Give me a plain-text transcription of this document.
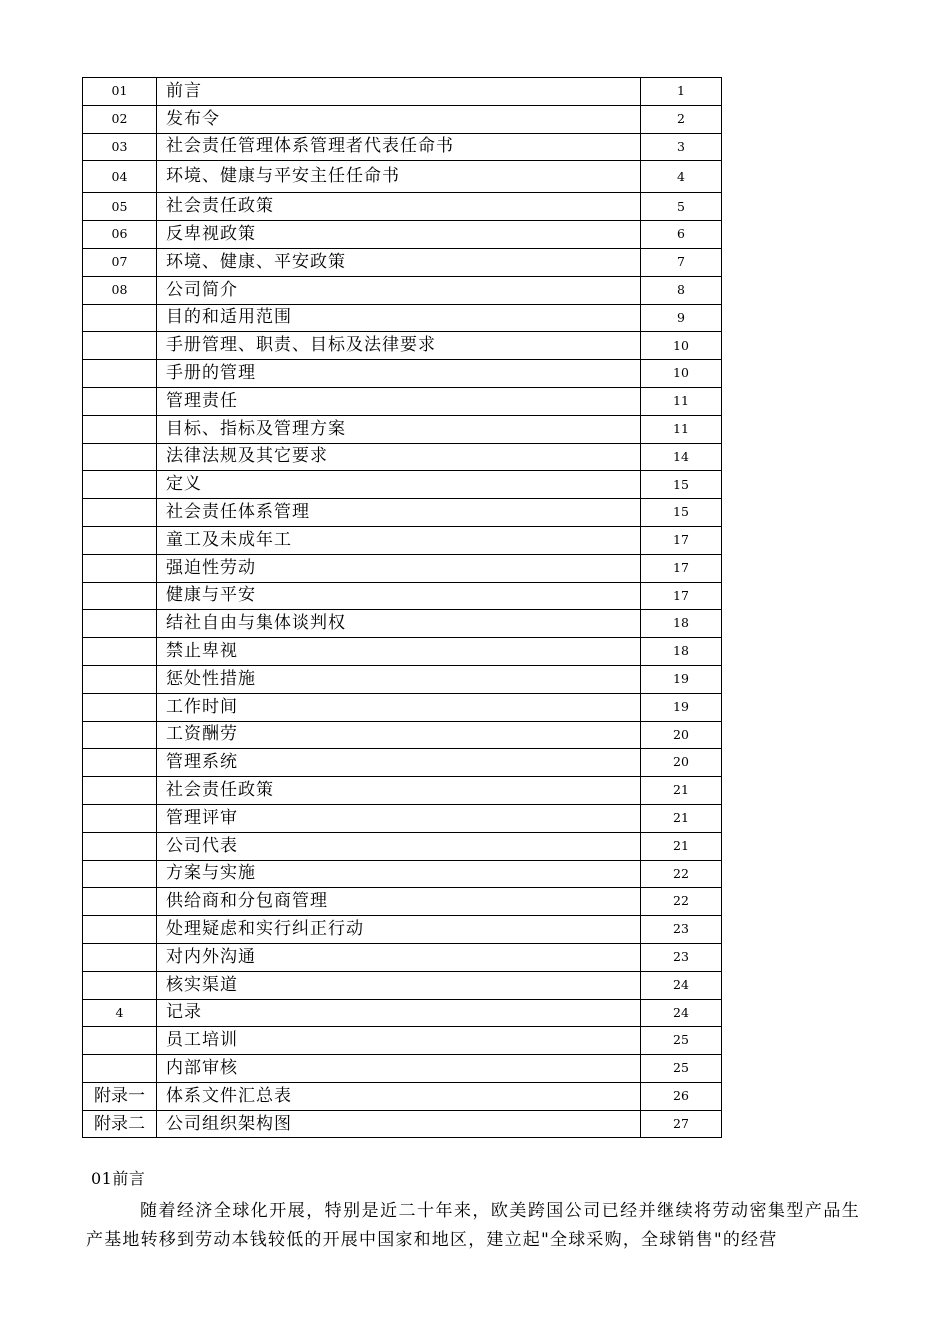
01	前言	1
02	发布令	2
03	社会责任管理体系管理者代表任命书	3
04	环境、健康与平安主任任命书	4
05	社会责任政策	5
06	反卑视政策	6
07	环境、健康、平安政策	7
08	公司简介	8
	目的和适用范围	9
	手册管理、职责、目标及法律要求	10
	手册的管理	10
	管理责任	11
	目标、指标及管理方案	11
	法律法规及其它要求	14
	定义	15
	社会责任体系管理	15
	童工及未成年工	17
	强迫性劳动	17
	健康与平安	17
	结社自由与集体谈判权	18
	禁止卑视	18
	惩处性措施	19
	工作时间	19
	工资酬劳	20
	管理系统	20
	社会责任政策	21
	管理评审	21
	公司代表	21
	方案与实施	22
	供给商和分包商管理	22
	处理疑虑和实行纠正行动	23
	对内外沟通	23
	核实渠道	24
4	记录	24
	员工培训	25
	内部审核	25
附录一	体系文件汇总表	26
附录二	公司组织架构图	27
01前言

随着经济全球化开展，特别是近二十年来，欧美跨国公司已经并继续将劳动密集型产品生产基地转移到劳动本钱较低的开展中国家和地区，建立起"全球采购，全球销售"的经营
